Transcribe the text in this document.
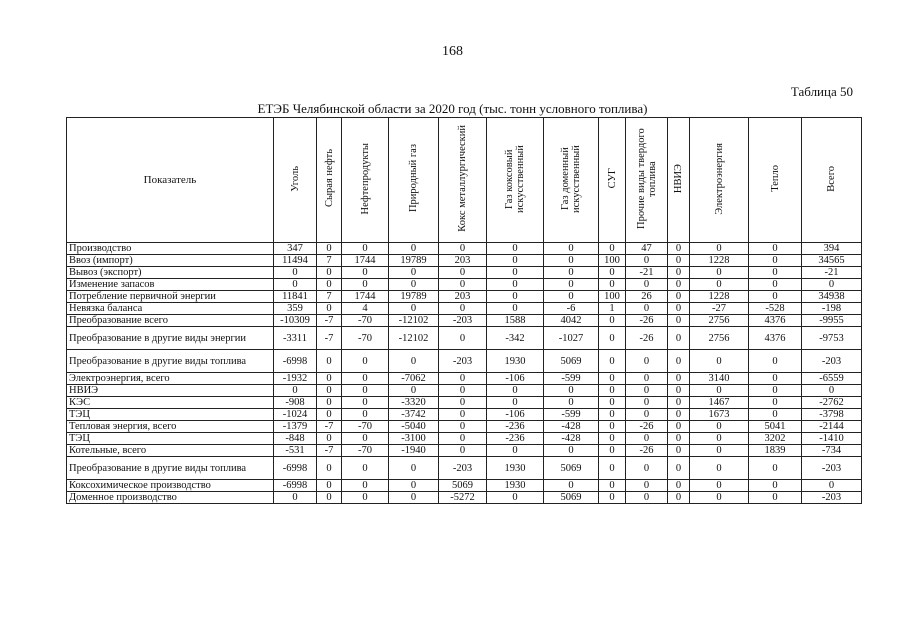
168
Таблица 50
ЕТЭБ Челябинской области за 2020 год (тыс. тонн условного топлива)
Показатель	Уголь	Сырая нефть	Нефтепродукты	Природный газ	Кокс металлургический	Газ коксовый искусственный	Газ доменный искусственный	СУГ	Прочие виды твердого топлива	НВИЭ	Электроэнергия	Тепло	Всего
Производство	347	0	0	0	0	0	0	0	47	0	0	0	394
Ввоз (импорт)	11494	7	1744	19789	203	0	0	100	0	0	1228	0	34565
Вывоз (экспорт)	0	0	0	0	0	0	0	0	-21	0	0	0	-21
Изменение запасов	0	0	0	0	0	0	0	0	0	0	0	0	0
Потребление первичной энергии	11841	7	1744	19789	203	0	0	100	26	0	1228	0	34938
Невязка баланса	359	0	4	0	0	0	-6	1	0	0	-27	-528	-198
Преобразование всего	-10309	-7	-70	-12102	-203	1588	4042	0	-26	0	2756	4376	-9955
Преобразование в другие виды энергии	-3311	-7	-70	-12102	0	-342	-1027	0	-26	0	2756	4376	-9753
Преобразование в другие виды топлива	-6998	0	0	0	-203	1930	5069	0	0	0	0	0	-203
Электроэнергия, всего	-1932	0	0	-7062	0	-106	-599	0	0	0	3140	0	-6559
НВИЭ	0	0	0	0	0	0	0	0	0	0	0	0	0
КЭС	-908	0	0	-3320	0	0	0	0	0	0	1467	0	-2762
ТЭЦ	-1024	0	0	-3742	0	-106	-599	0	0	0	1673	0	-3798
Тепловая энергия, всего	-1379	-7	-70	-5040	0	-236	-428	0	-26	0	0	5041	-2144
ТЭЦ	-848	0	0	-3100	0	-236	-428	0	0	0	0	3202	-1410
Котельные, всего	-531	-7	-70	-1940	0	0	0	0	-26	0	0	1839	-734
Преобразование в другие виды топлива	-6998	0	0	0	-203	1930	5069	0	0	0	0	0	-203
Коксохимическое производство	-6998	0	0	0	5069	1930	0	0	0	0	0	0	0
Доменное производство	0	0	0	0	-5272	0	5069	0	0	0	0	0	-203
